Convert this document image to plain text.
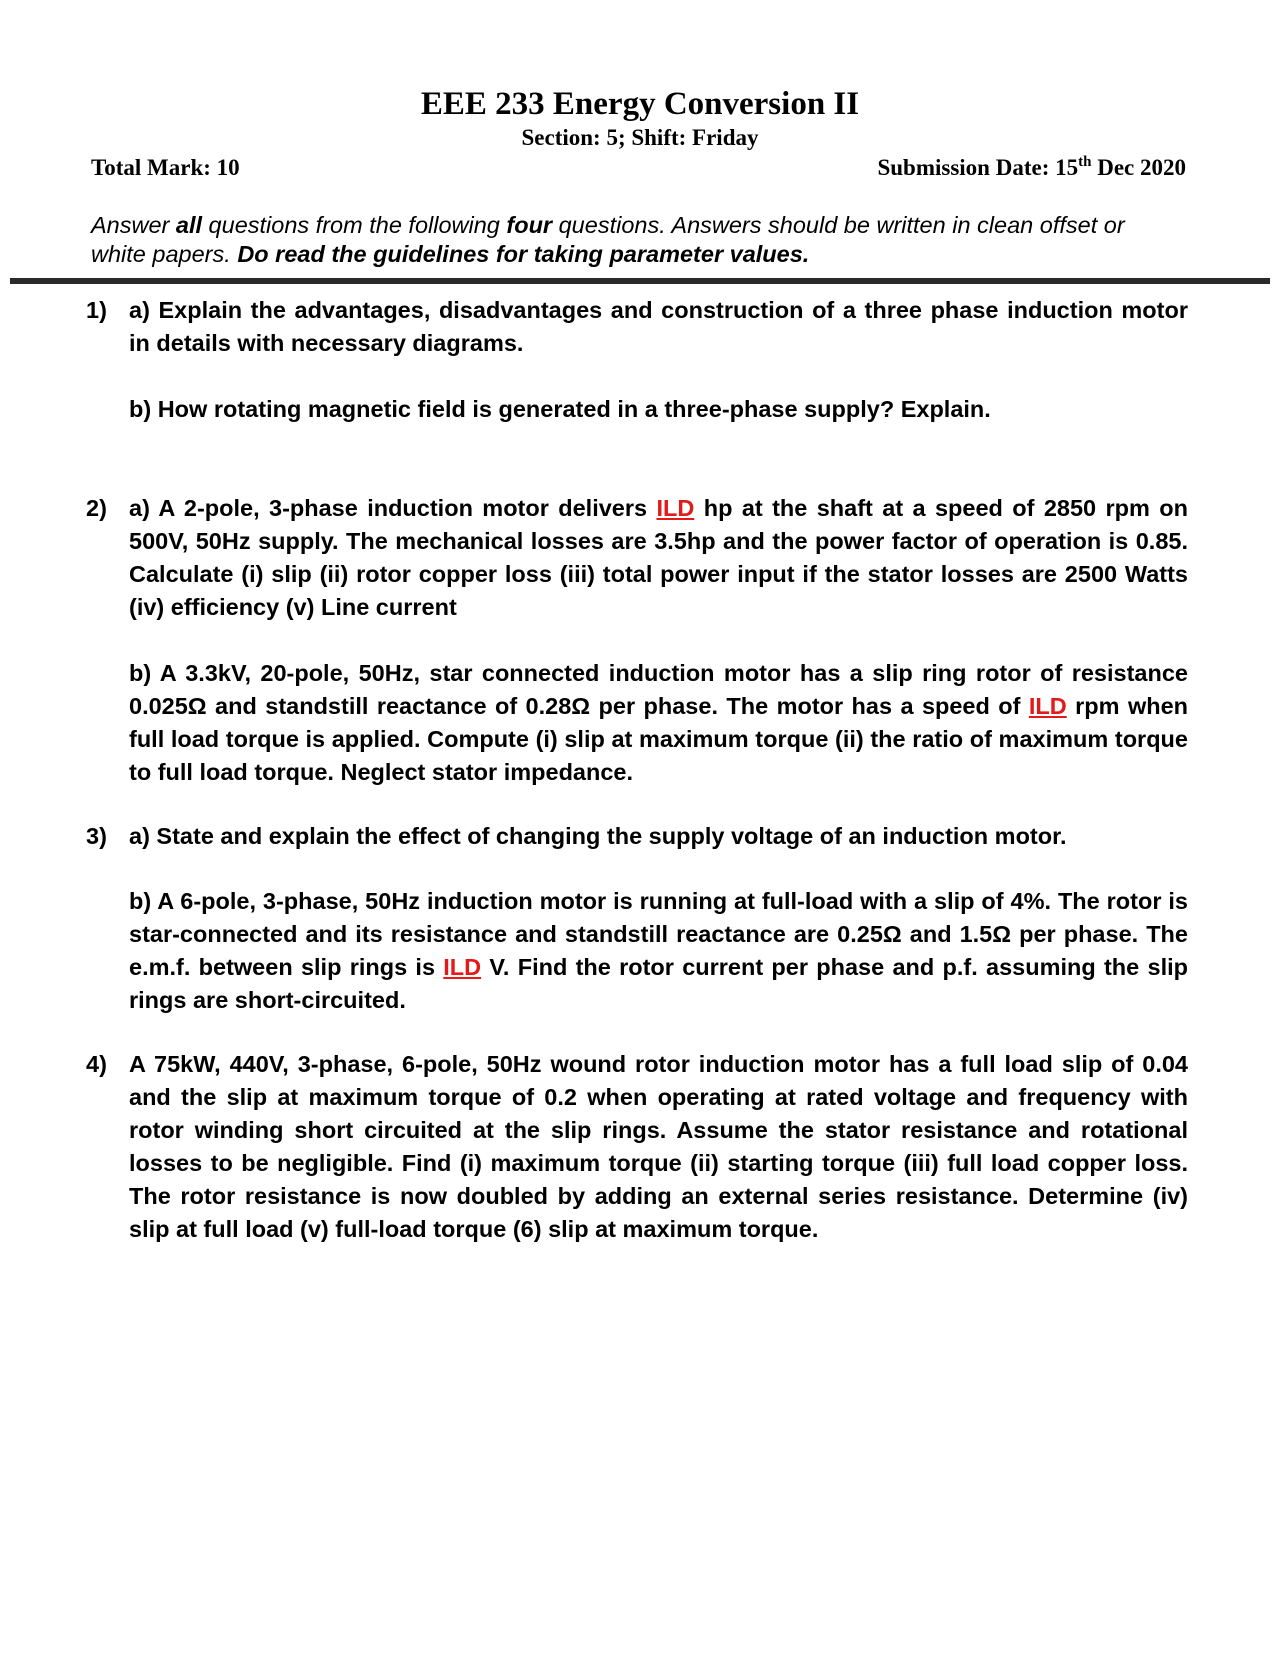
EEE 233 Energy Conversion II
Section: 5; Shift: Friday
Total Mark: 10	Submission Date: 15th Dec 2020
Answer all questions from the following four questions. Answers should be written in clean offset or white papers. Do read the guidelines for taking parameter values.
1) a) Explain the advantages, disadvantages and construction of a three phase induction motor in details with necessary diagrams.
b) How rotating magnetic field is generated in a three-phase supply? Explain.
2) a) A 2-pole, 3-phase induction motor delivers ILD hp at the shaft at a speed of 2850 rpm on 500V, 50Hz supply. The mechanical losses are 3.5hp and the power factor of operation is 0.85. Calculate (i) slip (ii) rotor copper loss (iii) total power input if the stator losses are 2500 Watts (iv) efficiency (v) Line current
b) A 3.3kV, 20-pole, 50Hz, star connected induction motor has a slip ring rotor of resistance 0.025Ω and standstill reactance of 0.28Ω per phase. The motor has a speed of ILD rpm when full load torque is applied. Compute (i) slip at maximum torque (ii) the ratio of maximum torque to full load torque. Neglect stator impedance.
3) a) State and explain the effect of changing the supply voltage of an induction motor.
b) A 6-pole, 3-phase, 50Hz induction motor is running at full-load with a slip of 4%. The rotor is star-connected and its resistance and standstill reactance are 0.25Ω and 1.5Ω per phase. The e.m.f. between slip rings is ILD V. Find the rotor current per phase and p.f. assuming the slip rings are short-circuited.
4) A 75kW, 440V, 3-phase, 6-pole, 50Hz wound rotor induction motor has a full load slip of 0.04 and the slip at maximum torque of 0.2 when operating at rated voltage and frequency with rotor winding short circuited at the slip rings. Assume the stator resistance and rotational losses to be negligible. Find (i) maximum torque (ii) starting torque (iii) full load copper loss. The rotor resistance is now doubled by adding an external series resistance. Determine (iv) slip at full load (v) full-load torque (6) slip at maximum torque.
